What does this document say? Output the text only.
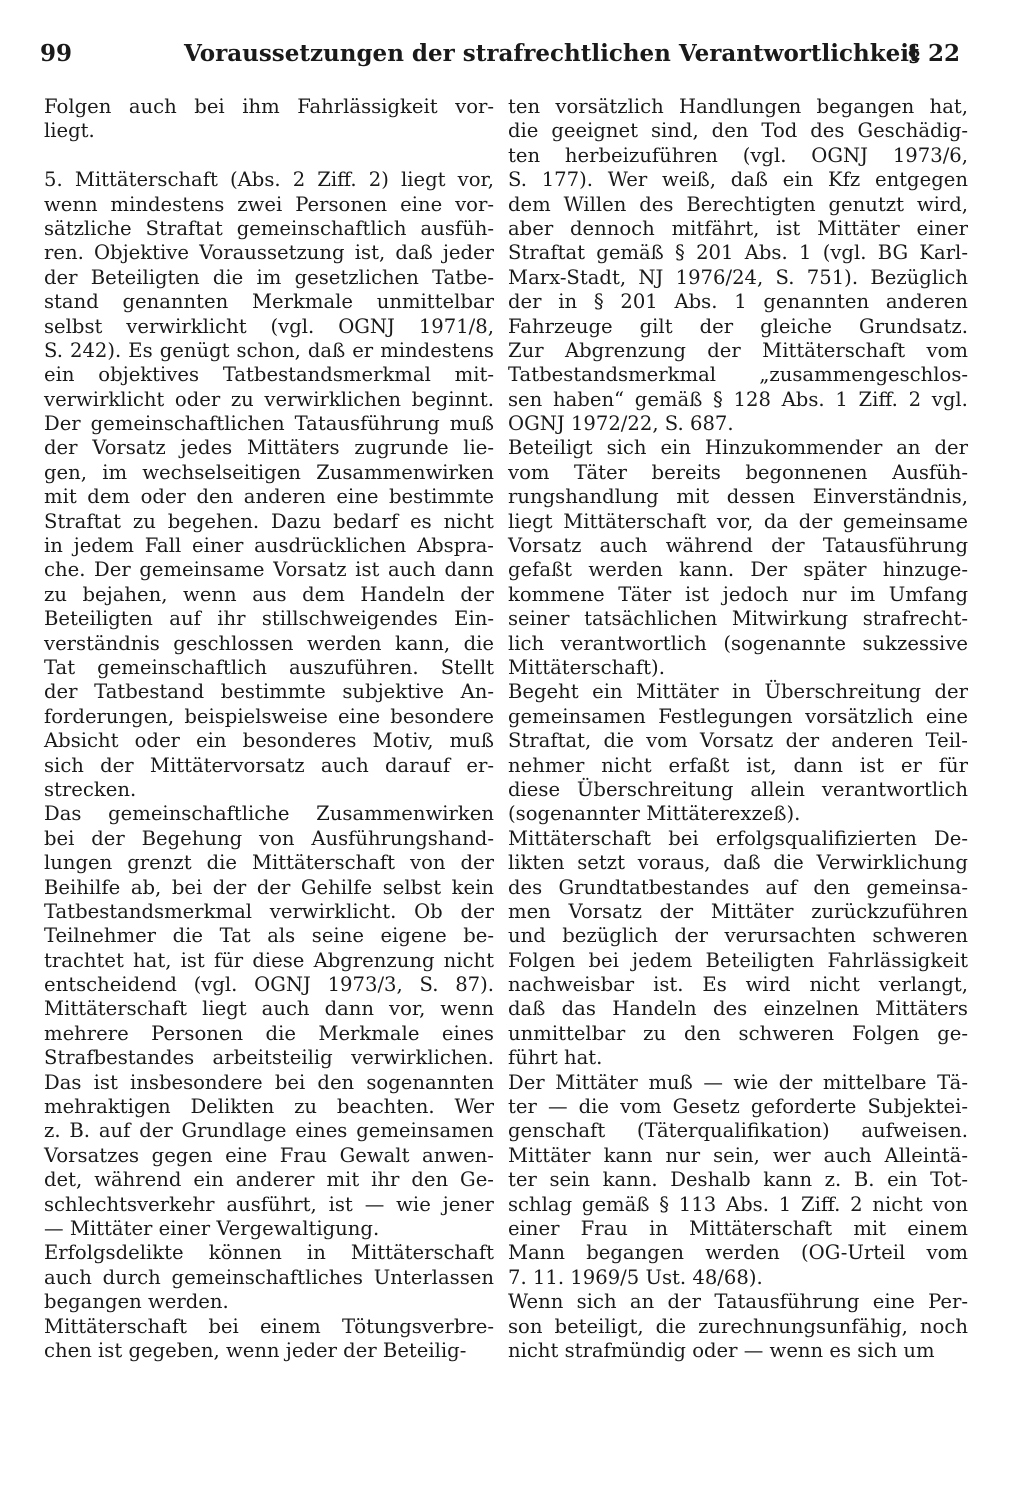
99	Voraussetzungen der strafrechtlichen Verantwortlichkeit
§ 22
Folgen auch bei ihm Fahrlässigkeit vor-
liegt.
5. Mittäterschaft (Abs. 2 Ziff. 2) liegt vor,
wenn mindestens zwei Personen eine vor-
sätzliche Straftat gemeinschaftlich ausfüh-
ren. Objektive Voraussetzung ist, daß jeder
der Beteiligten die im gesetzlichen Tatbe-
stand genannten Merkmale unmittelbar
selbst verwirklicht (vgl. OGNJ 1971/8,
S. 242). Es genügt schon, daß er mindestens
ein objektives Tatbestandsmerkmal mit-
verwirklicht oder zu verwirklichen beginnt.
Der gemeinschaftlichen Tatausführung muß
der Vorsatz jedes Mittäters zugrunde lie-
gen, im wechselseitigen Zusammenwirken
mit dem oder den anderen eine bestimmte
Straftat zu begehen. Dazu bedarf es nicht
in jedem Fall einer ausdrücklichen Abspra-
che. Der gemeinsame Vorsatz ist auch dann
zu bejahen, wenn aus dem Handeln der
Beteiligten auf ihr stillschweigendes Ein-
verständnis geschlossen werden kann, die
Tat gemeinschaftlich auszuführen. Stellt
der Tatbestand bestimmte subjektive An-
forderungen, beispielsweise eine besondere
Absicht oder ein besonderes Motiv, muß
sich der Mittätervorsatz auch darauf er-
strecken.
Das gemeinschaftliche Zusammenwirken
bei der Begehung von Ausführungshand-
lungen grenzt die Mittäterschaft von der
Beihilfe ab, bei der der Gehilfe selbst kein
Tatbestandsmerkmal verwirklicht. Ob der
Teilnehmer die Tat als seine eigene be-
trachtet hat, ist für diese Abgrenzung nicht
entscheidend (vgl. OGNJ 1973/3, S. 87).
Mittäterschaft liegt auch dann vor, wenn
mehrere Personen die Merkmale eines
Strafbestandes arbeitsteilig verwirklichen.
Das ist insbesondere bei den sogenannten
mehraktigen Delikten zu beachten. Wer
z. B. auf der Grundlage eines gemeinsamen
Vorsatzes gegen eine Frau Gewalt anwen-
det, während ein anderer mit ihr den Ge-
schlechtsverkehr ausführt, ist — wie jener
— Mittäter einer Vergewaltigung.
Erfolgsdelikte können in Mittäterschaft
auch durch gemeinschaftliches Unterlassen
begangen werden.
Mittäterschaft bei einem Tötungsverbre-
chen ist gegeben, wenn jeder der Beteilig-
ten vorsätzlich Handlungen begangen hat,
die geeignet sind, den Tod des Geschädig-
ten herbeizuführen (vgl. OGNJ 1973/6,
S. 177). Wer weiß, daß ein Kfz entgegen
dem Willen des Berechtigten genutzt wird,
aber dennoch mitfährt, ist Mittäter einer
Straftat gemäß § 201 Abs. 1 (vgl. BG Karl-
Marx-Stadt, NJ 1976/24, S. 751). Bezüglich
der in § 201 Abs. 1 genannten anderen
Fahrzeuge gilt der gleiche Grundsatz.
Zur Abgrenzung der Mittäterschaft vom
Tatbestandsmerkmal „zusammengeschlos-
sen haben“ gemäß § 128 Abs. 1 Ziff. 2 vgl.
OGNJ 1972/22, S. 687.
Beteiligt sich ein Hinzukommender an der
vom Täter bereits begonnenen Ausfüh-
rungshandlung mit dessen Einverständnis,
liegt Mittäterschaft vor, da der gemeinsame
Vorsatz auch während der Tatausführung
gefaßt werden kann. Der später hinzuge-
kommene Täter ist jedoch nur im Umfang
seiner tatsächlichen Mitwirkung strafrecht-
lich verantwortlich (sogenannte sukzessive
Mittäterschaft).
Begeht ein Mittäter in Überschreitung der
gemeinsamen Festlegungen vorsätzlich eine
Straftat, die vom Vorsatz der anderen Teil-
nehmer nicht erfaßt ist, dann ist er für
diese Überschreitung allein verantwortlich
(sogenannter Mittäterexzeß).
Mittäterschaft bei erfolgsqualifizierten De-
likten setzt voraus, daß die Verwirklichung
des Grundtatbestandes auf den gemeinsa-
men Vorsatz der Mittäter zurückzuführen
und bezüglich der verursachten schweren
Folgen bei jedem Beteiligten Fahrlässigkeit
nachweisbar ist. Es wird nicht verlangt,
daß das Handeln des einzelnen Mittäters
unmittelbar zu den schweren Folgen ge-
führt hat.
Der Mittäter muß — wie der mittelbare Tä-
ter — die vom Gesetz geforderte Subjektei-
genschaft (Täterqualifikation) aufweisen.
Mittäter kann nur sein, wer auch Alleintä-
ter sein kann. Deshalb kann z. B. ein Tot-
schlag gemäß § 113 Abs. 1 Ziff. 2 nicht von
einer Frau in Mittäterschaft mit einem
Mann begangen werden (OG-Urteil vom
7. 11. 1969/5 Ust. 48/68).
Wenn sich an der Tatausführung eine Per-
son beteiligt, die zurechnungsunfähig, noch
nicht strafmündig oder — wenn es sich um
